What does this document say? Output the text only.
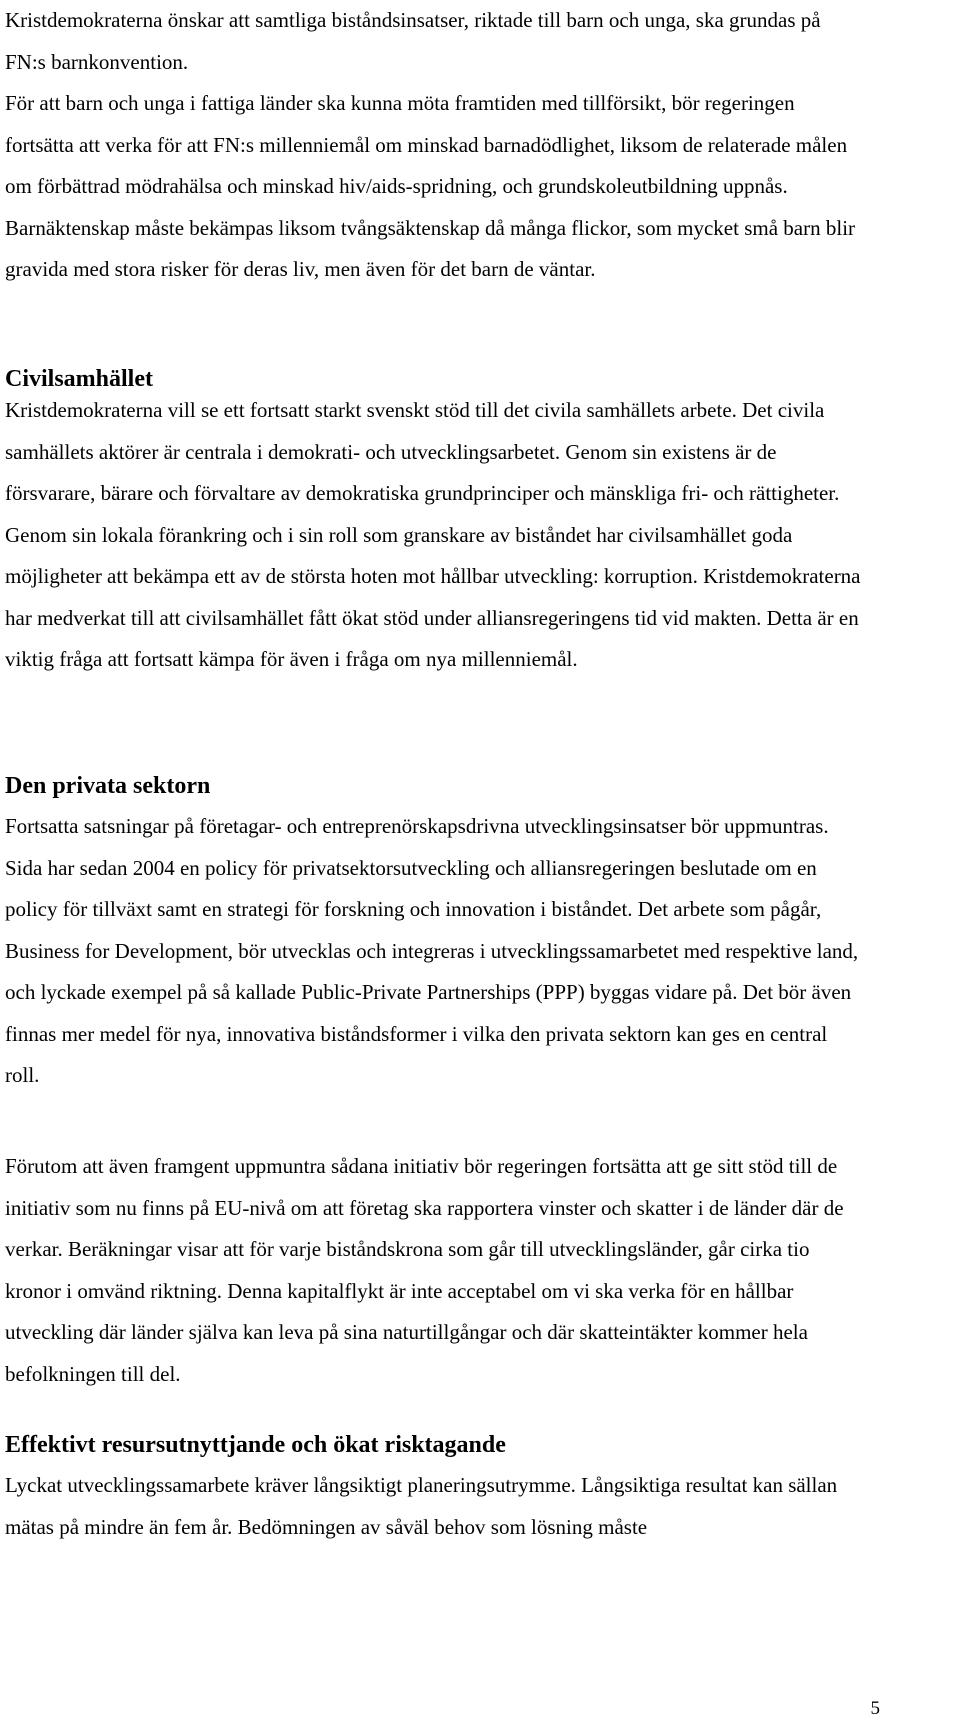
Kristdemokraterna önskar att samtliga biståndsinsatser, riktade till barn och unga, ska grundas på FN:s barnkonvention.

För att barn och unga i fattiga länder ska kunna möta framtiden med tillförsikt, bör regeringen fortsätta att verka för att FN:s millenniemål om minskad barnadödlighet, liksom de relaterade målen om förbättrad mödrahälsa och minskad hiv/aids-spridning, och grundskoleutbildning uppnås. Barnäktenskap måste bekämpas liksom tvångsäktenskap då många flickor, som mycket små barn blir gravida med stora risker för deras liv, men även för det barn de väntar.

Civilsamhället

Kristdemokraterna vill se ett fortsatt starkt svenskt stöd till det civila samhällets arbete. Det civila samhällets aktörer är centrala i demokrati- och utvecklingsarbetet. Genom sin existens är de försvarare, bärare och förvaltare av demokratiska grundprinciper och mänskliga fri- och rättigheter. Genom sin lokala förankring och i sin roll som granskare av biståndet har civilsamhället goda möjligheter att bekämpa ett av de största hoten mot hållbar utveckling: korruption. Kristdemokraterna har medverkat till att civilsamhället fått ökat stöd under alliansregeringens tid vid makten. Detta är en viktig fråga att fortsatt kämpa för även i fråga om nya millenniemål.

Den privata sektorn

Fortsatta satsningar på företagar- och entreprenörskapsdrivna utvecklingsinsatser bör uppmuntras. Sida har sedan 2004 en policy för privatsektorsutveckling och alliansregeringen beslutade om en policy för tillväxt samt en strategi för forskning och innovation i biståndet. Det arbete som pågår, Business for Development, bör utvecklas och integreras i utvecklingssamarbetet med respektive land, och lyckade exempel på så kallade Public-Private Partnerships (PPP) byggas vidare på. Det bör även finnas mer medel för nya, innovativa biståndsformer i vilka den privata sektorn kan ges en central roll.

Förutom att även framgent uppmuntra sådana initiativ bör regeringen fortsätta att ge sitt stöd till de initiativ som nu finns på EU-nivå om att företag ska rapportera vinster och skatter i de länder där de verkar. Beräkningar visar att för varje biståndskrona som går till utvecklingsländer, går cirka tio kronor i omvänd riktning. Denna kapitalflykt är inte acceptabel om vi ska verka för en hållbar utveckling där länder själva kan leva på sina naturtillgångar och där skatteintäkter kommer hela befolkningen till del.

Effektivt resursutnyttjande och ökat risktagande

Lyckat utvecklingssamarbete kräver långsiktigt planeringsutrymme. Långsiktiga resultat kan sällan mätas på mindre än fem år. Bedömningen av såväl behov som lösning måste

5
